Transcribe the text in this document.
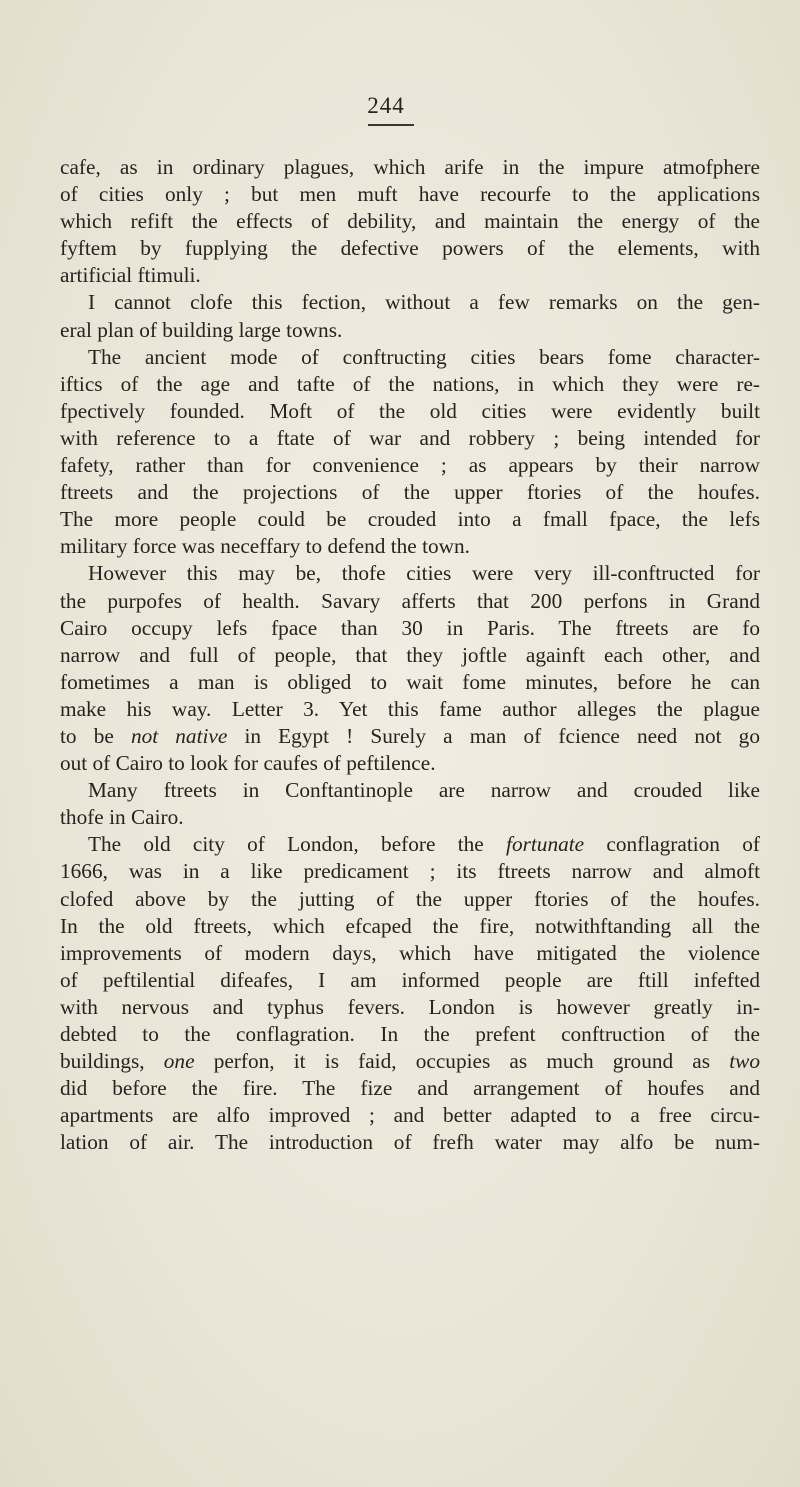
244
cafe, as in ordinary plagues, which arife in the impure atmofphere
of cities only ; but men muft have recourfe to the applications
which refift the effects of debility, and maintain the energy of the
fyftem by fupplying the defective powers of the elements, with
artificial ftimuli.
I cannot clofe this fection, without a few remarks on the gen-
eral plan of building large towns.
The ancient mode of conftructing cities bears fome character-
iftics of the age and tafte of the nations, in which they were re-
fpectively founded. Moft of the old cities were evidently built
with reference to a ftate of war and robbery ; being intended for
fafety, rather than for convenience ; as appears by their narrow
ftreets and the projections of the upper ftories of the houfes.
The more people could be crouded into a fmall fpace, the lefs
military force was neceffary to defend the town.
However this may be, thofe cities were very ill-conftructed for
the purpofes of health. Savary afferts that 200 perfons in Grand
Cairo occupy lefs fpace than 30 in Paris. The ftreets are fo
narrow and full of people, that they joftle againft each other, and
fometimes a man is obliged to wait fome minutes, before he can
make his way. Letter 3. Yet this fame author alleges the plague
to be not native in Egypt ! Surely a man of fcience need not go
out of Cairo to look for caufes of peftilence.
Many ftreets in Conftantinople are narrow and crouded like
thofe in Cairo.
The old city of London, before the fortunate conflagration of
1666, was in a like predicament ; its ftreets narrow and almoft
clofed above by the jutting of the upper ftories of the houfes.
In the old ftreets, which efcaped the fire, notwithftanding all the
improvements of modern days, which have mitigated the violence
of peftilential difeafes, I am informed people are ftill infefted
with nervous and typhus fevers. London is however greatly in-
debted to the conflagration. In the prefent conftruction of the
buildings, one perfon, it is faid, occupies as much ground as two
did before the fire. The fize and arrangement of houfes and
apartments are alfo improved ; and better adapted to a free circu-
lation of air. The introduction of frefh water may alfo be num-
